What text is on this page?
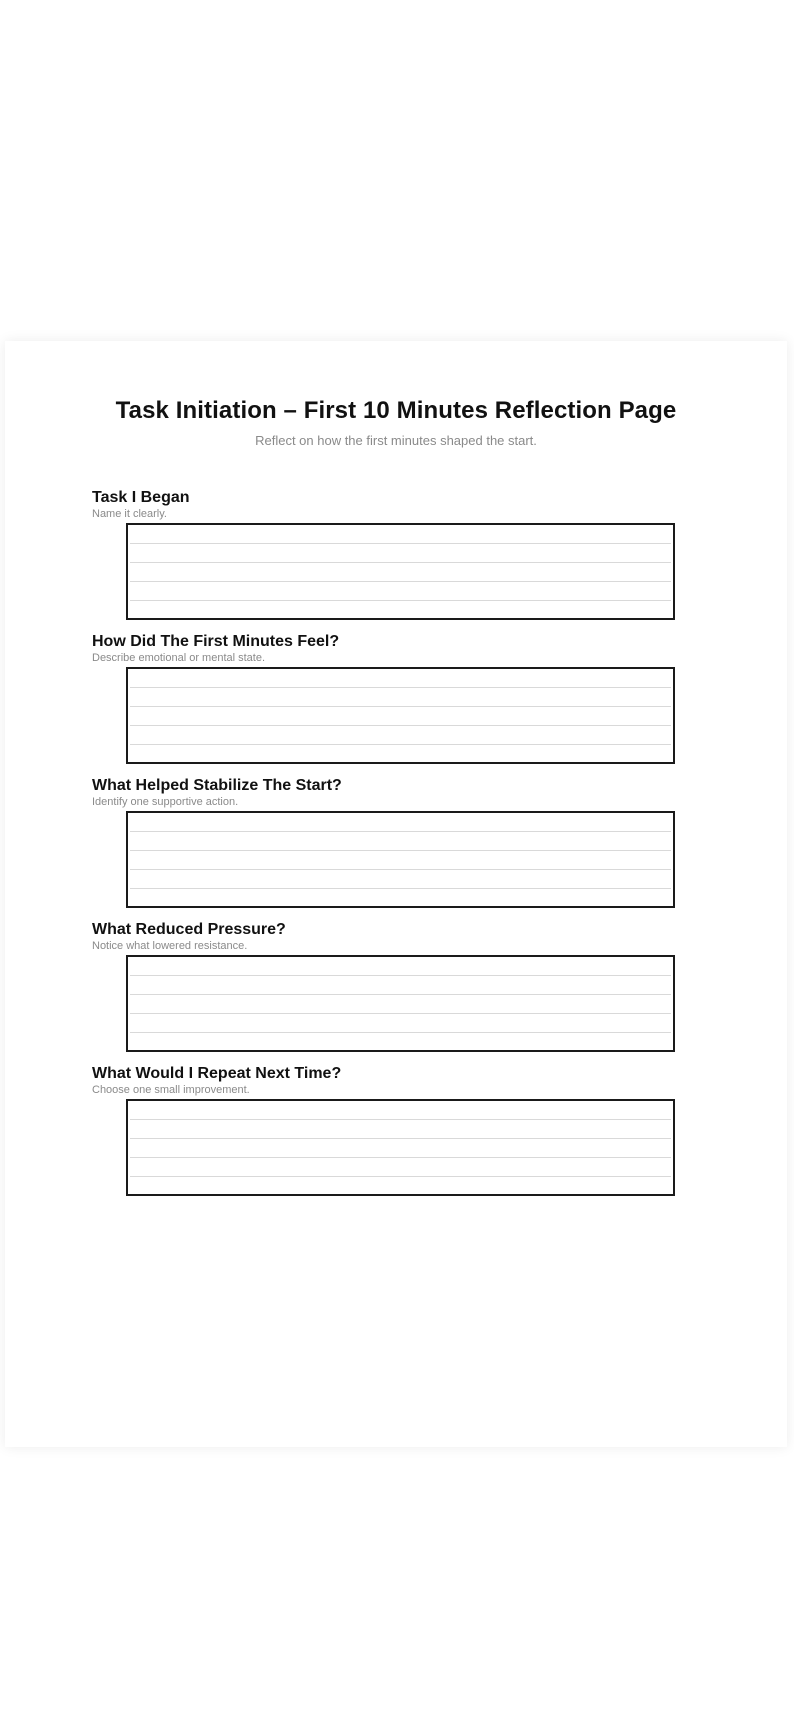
Task Initiation – First 10 Minutes Reflection Page
Reflect on how the first minutes shaped the start.
Task I Began
Name it clearly.
How Did The First Minutes Feel?
Describe emotional or mental state.
What Helped Stabilize The Start?
Identify one supportive action.
What Reduced Pressure?
Notice what lowered resistance.
What Would I Repeat Next Time?
Choose one small improvement.
